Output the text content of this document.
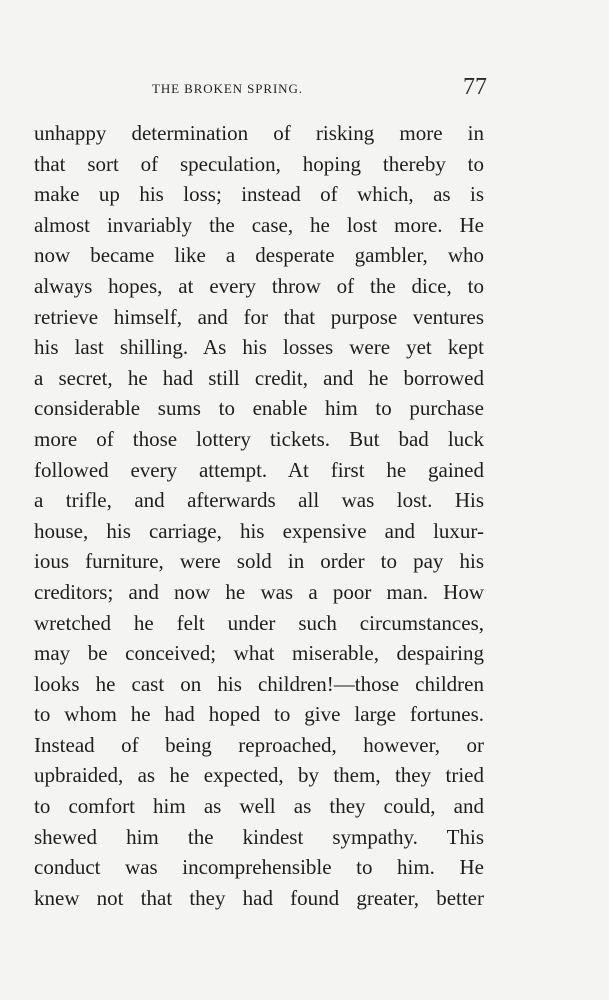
THE BROKEN SPRING.	77
unhappy determination of risking more in
that sort of speculation, hoping thereby to
make up his loss; instead of which, as is
almost invariably the case, he lost more. He
now became like a desperate gambler, who
always hopes, at every throw of the dice, to
retrieve himself, and for that purpose ventures
his last shilling. As his losses were yet kept
a secret, he had still credit, and he borrowed
considerable sums to enable him to purchase
more of those lottery tickets. But bad luck
followed every attempt. At first he gained
a trifle, and afterwards all was lost. His
house, his carriage, his expensive and luxur-
ious furniture, were sold in order to pay his
creditors; and now he was a poor man. How
wretched he felt under such circumstances,
may be conceived; what miserable, despairing
looks he cast on his children!—those children
to whom he had hoped to give large fortunes.
Instead of being reproached, however, or
upbraided, as he expected, by them, they tried
to comfort him as well as they could, and
shewed him the kindest sympathy. This
conduct was incomprehensible to him. He
knew not that they had found greater, better
